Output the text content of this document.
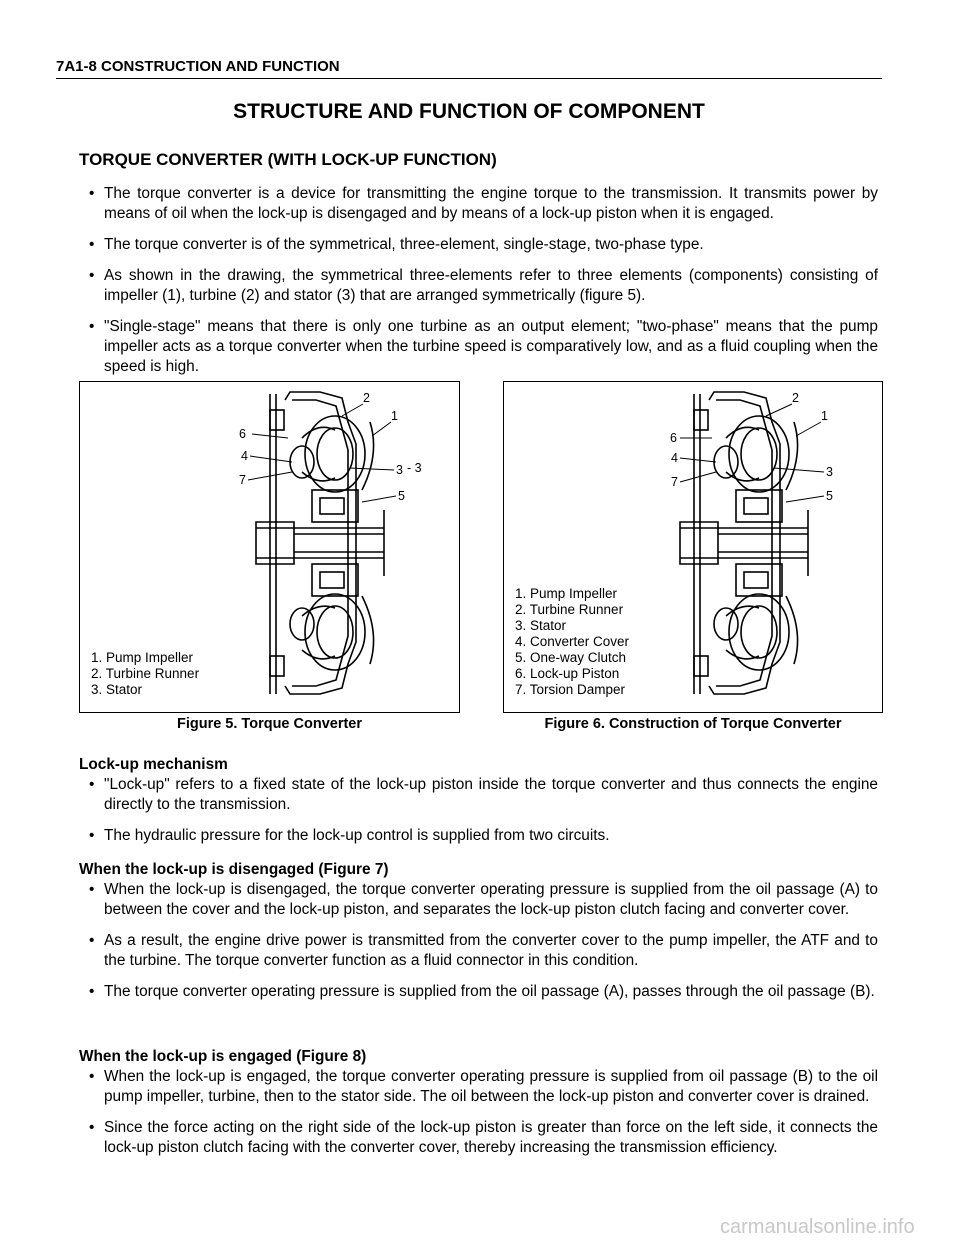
7A1-8 CONSTRUCTION AND FUNCTION
STRUCTURE AND FUNCTION OF COMPONENT
TORQUE CONVERTER (WITH LOCK-UP FUNCTION)
• The torque converter is a device for transmitting the engine torque to the transmission. It transmits power by means of oil when the lock-up is disengaged and by means of a lock-up piston when it is engaged.
• The torque converter is of the symmetrical, three-element, single-stage, two-phase type.
• As shown in the drawing, the symmetrical three-elements refer to three elements (components) consisting of impeller (1), turbine (2) and stator (3) that are arranged symmetrically (figure 5).
• "Single-stage" means that there is only one turbine as an output element; "two-phase" means that the pump impeller acts as a torque converter when the turbine speed is comparatively low, and as a fluid coupling when the speed is high.
2
1
6
4
7
3 - 3
5
1. Pump Impeller
2. Turbine Runner
3. Stator
Figure 5. Torque Converter
2
1
6
4
7
3
5
1. Pump Impeller
2. Turbine Runner
3. Stator
4. Converter Cover
5. One-way Clutch
6. Lock-up Piston
7. Torsion Damper
Figure 6. Construction of Torque Converter
Lock-up mechanism
• "Lock-up" refers to a fixed state of the lock-up piston inside the torque converter and thus connects the engine directly to the transmission.
• The hydraulic pressure for the lock-up control is supplied from two circuits.
When the lock-up is disengaged (Figure 7)
• When the lock-up is disengaged, the torque converter operating pressure is supplied from the oil passage (A) to between the cover and the lock-up piston, and separates the lock-up piston clutch facing and converter cover.
• As a result, the engine drive power is transmitted from the converter cover to the pump impeller, the ATF and to the turbine. The torque converter function as a fluid connector in this condition.
• The torque converter operating pressure is supplied from the oil passage (A), passes through the oil passage (B).
When the lock-up is engaged (Figure 8)
• When the lock-up is engaged, the torque converter operating pressure is supplied from oil passage (B) to the oil pump impeller, turbine, then to the stator side. The oil between the lock-up piston and converter cover is drained.
• Since the force acting on the right side of the lock-up piston is greater than force on the left side, it connects the lock-up piston clutch facing with the converter cover, thereby increasing the transmission efficiency.
carmanualsonline.info
